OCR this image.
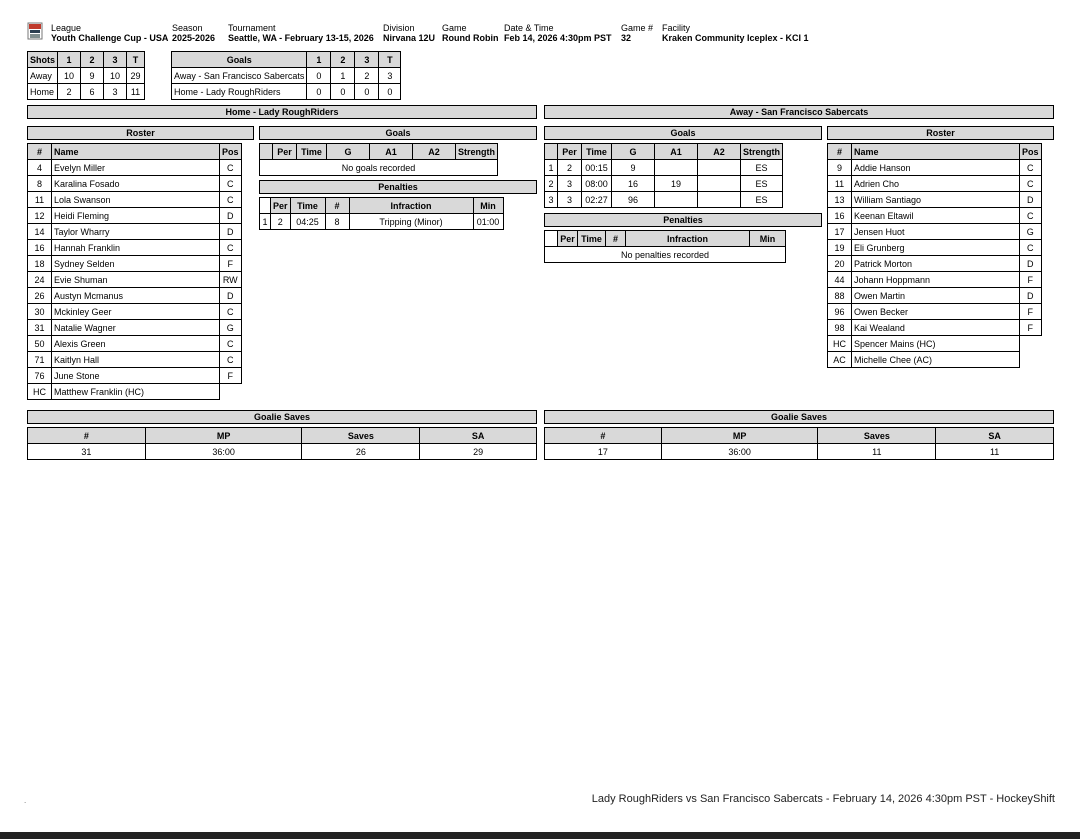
League
Youth Challenge Cup - USA
Season
2025-2026
Tournament
Seattle, WA - February 13-15, 2026
Division
Nirvana 12U
Game
Round Robin
Date & Time
Feb 14, 2026 4:30pm PST
Game #
32
Facility
Kraken Community Iceplex - KCI 1
Shots	1	2	3	T
Away	10	9	10	29
Home	2	6	3	11
Goals	1	2	3	T
Away - San Francisco Sabercats	0	1	2	3
Home - Lady RoughRiders	0	0	0	0
Home - Lady RoughRiders	Away - San Francisco Sabercats
Roster
#	Name	Pos
4	Evelyn Miller	C
8	Karalina Fosado	C
11	Lola Swanson	C
12	Heidi Fleming	D
14	Taylor Wharry	D
16	Hannah Franklin	C
18	Sydney Selden	F
24	Evie Shuman	RW
26	Austyn Mcmanus	D
30	Mckinley Geer	C
31	Natalie Wagner	G
50	Alexis Green	C
71	Kaitlyn Hall	C
76	June Stone	F
HC	Matthew Franklin (HC)	
Goals
	Per	Time	G	A1	A2	Strength
No goals recorded
Penalties
	Per	Time	#	Infraction	Min
1	2	04:25	8	Tripping (Minor)	01:00
Goals
	Per	Time	G	A1	A2	Strength
1	2	00:15	9			ES
2	3	08:00	16	19		ES
3	3	02:27	96			ES
Penalties
	Per	Time	#	Infraction	Min
No penalties recorded
Roster
#	Name	Pos
9	Addie Hanson	C
11	Adrien Cho	C
13	William Santiago	D
16	Keenan Eltawil	C
17	Jensen Huot	G
19	Eli Grunberg	C
20	Patrick Morton	D
44	Johann Hoppmann	F
88	Owen Martin	D
96	Owen Becker	F
98	Kai Wealand	F
HC	Spencer Mains (HC)	
AC	Michelle Chee (AC)	
Goalie Saves
#	MP	Saves	SA
31	36:00	26	29
Goalie Saves
#	MP	Saves	SA
17	36:00	11	11
.	Lady RoughRiders vs San Francisco Sabercats - February 14, 2026 4:30pm PST - HockeyShift
